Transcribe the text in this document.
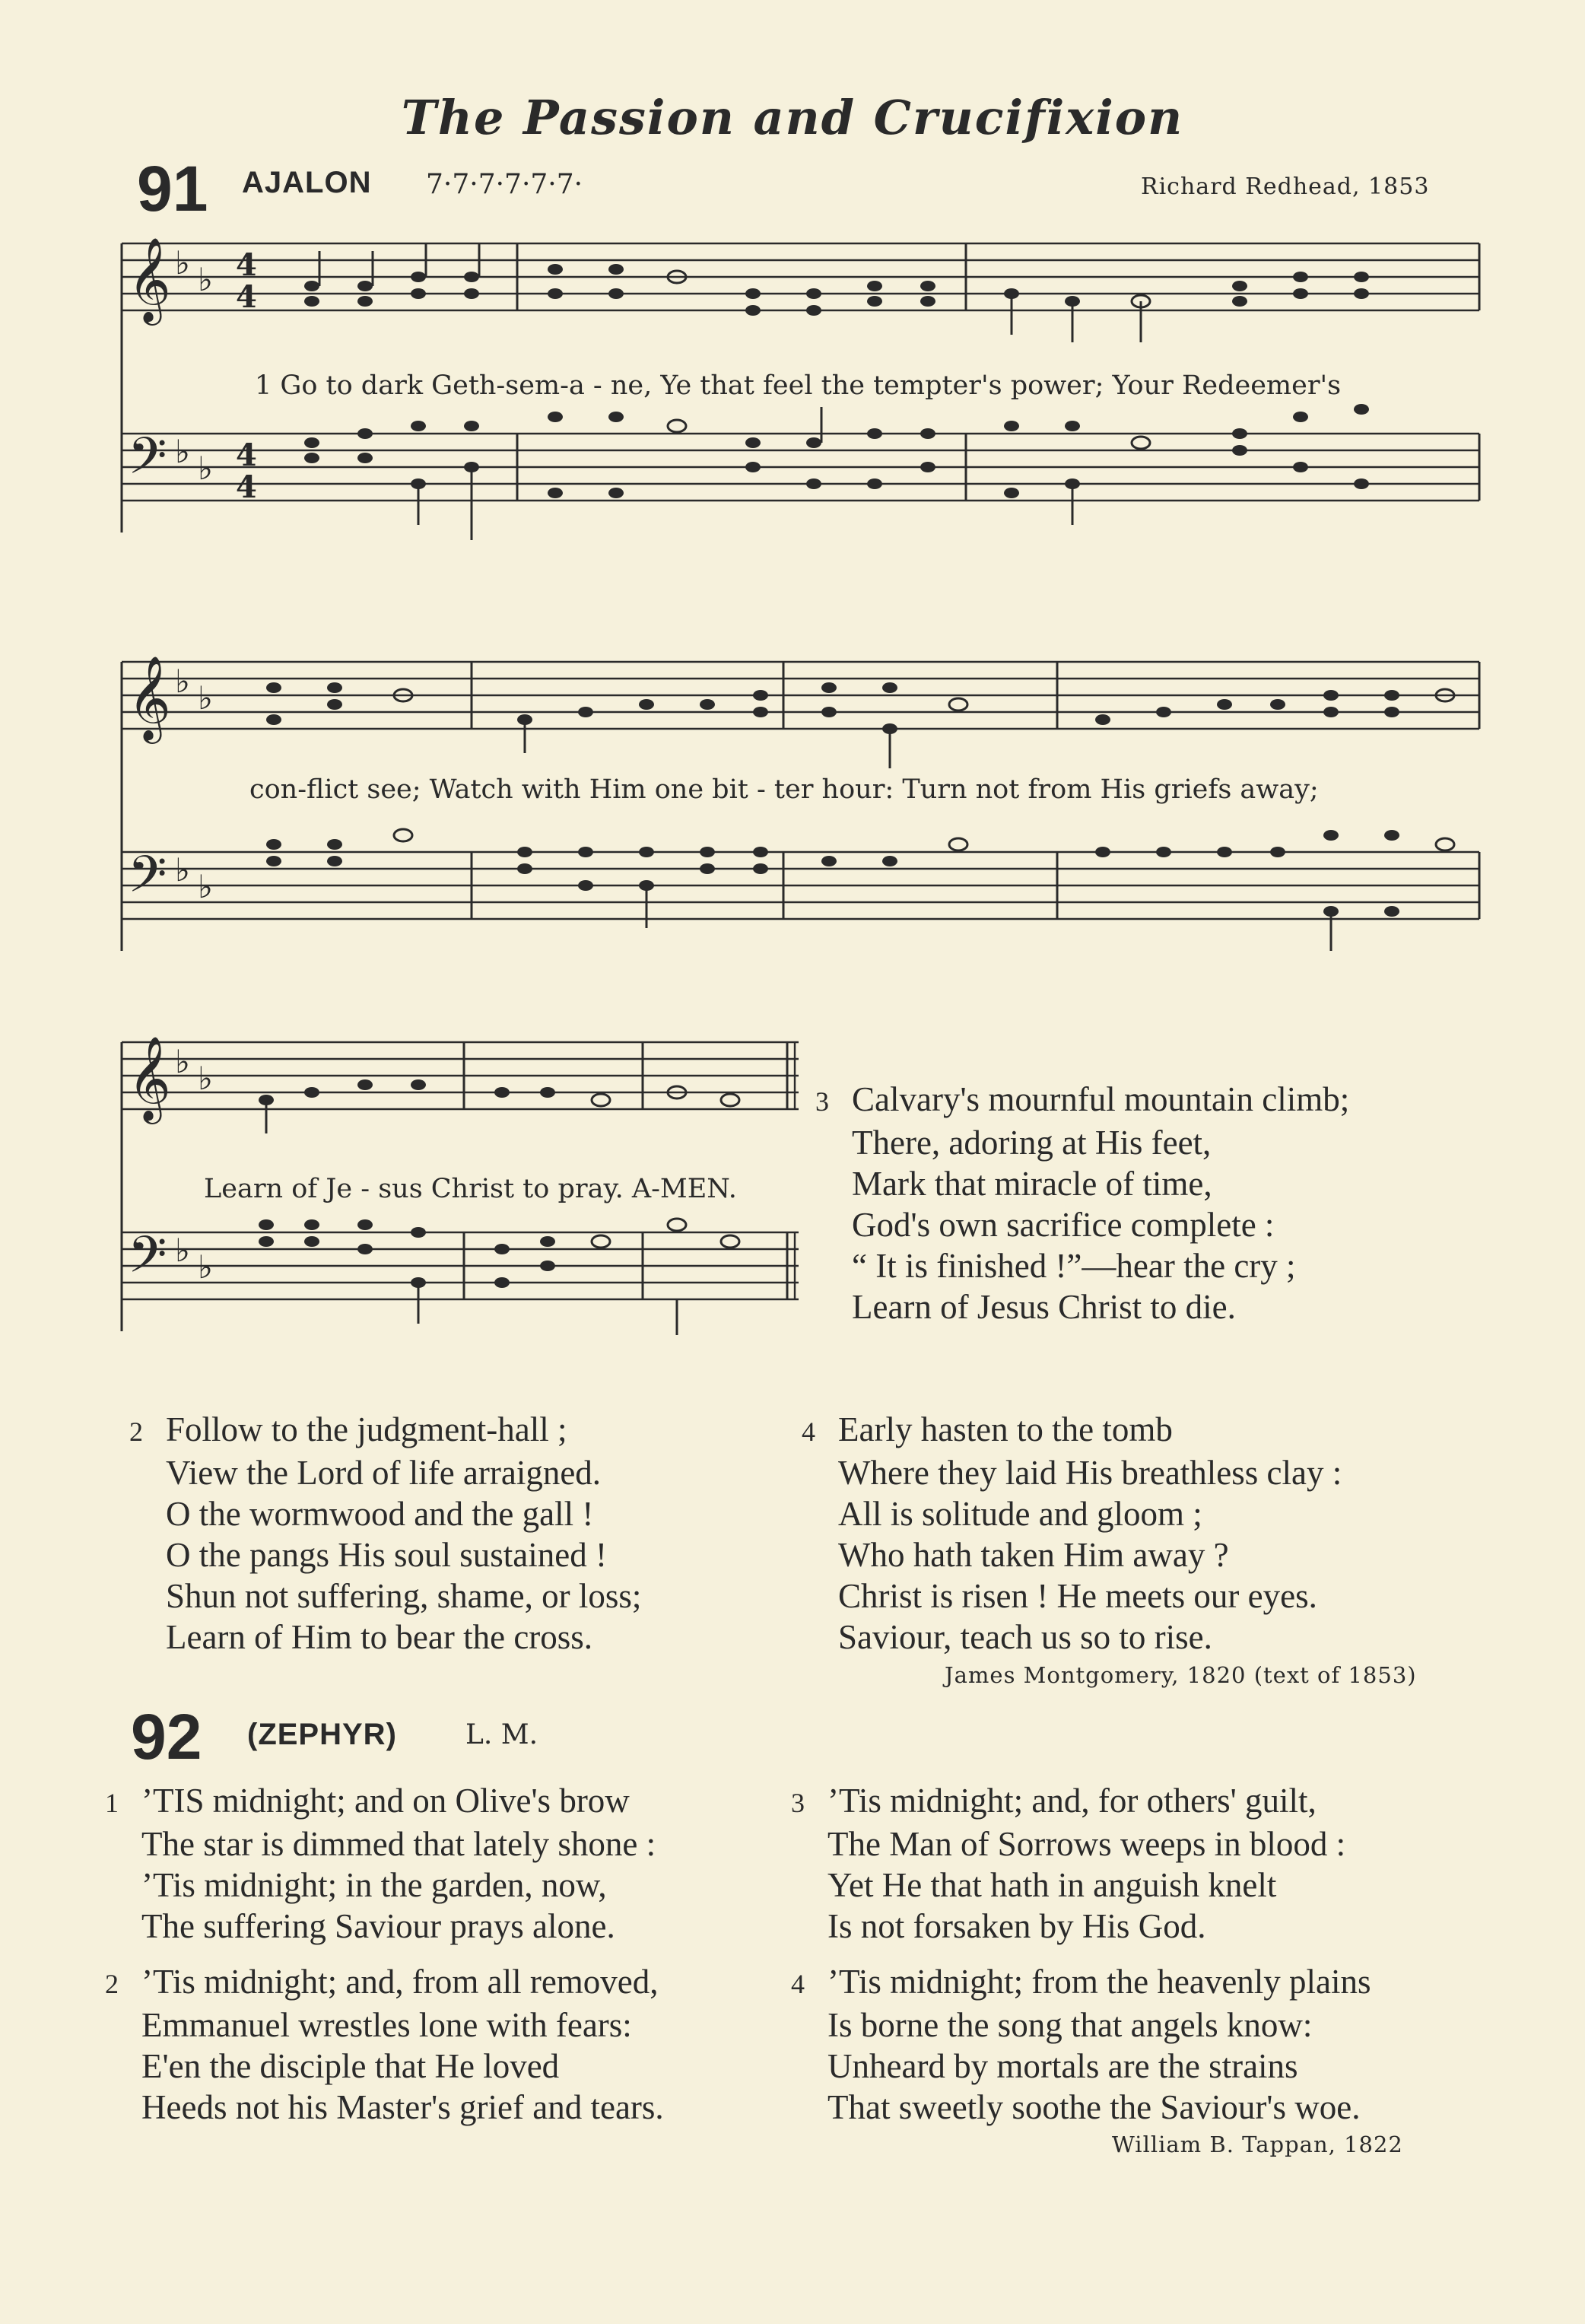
The Passion and Crucifixion
91 AJALON 7·7·7·7·7·7·	Richard Redhead, 1853
𝄞 ♭ ♭ 4
4
𝄢 ♭ ♭ 4
4
1 Go to dark Geth-sem-a - ne, Ye that feel the tempter's power; Your Redeemer's
𝄞 ♭ ♭
𝄢 ♭ ♭
con-flict see; Watch with Him one bit - ter hour: Turn not from His griefs away;
𝄞 ♭ ♭
𝄢 ♭ ♭
Learn of Je - sus Christ to pray. A-MEN.
3 Calvary's mournful mountain climb;
There, adoring at His feet,
Mark that miracle of time,
God's own sacrifice complete :
“ It is finished !”—hear the cry ;
Learn of Jesus Christ to die.
2 Follow to the judgment-hall ;
View the Lord of life arraigned.
O the wormwood and the gall !
O the pangs His soul sustained !
Shun not suffering, shame, or loss;
Learn of Him to bear the cross.
4 Early hasten to the tomb
Where they laid His breathless clay :
All is solitude and gloom ;
Who hath taken Him away ?
Christ is risen ! He meets our eyes.
Saviour, teach us so to rise.
James Montgomery, 1820 (text of 1853)
92 (ZEPHYR)	L. M.
1 ’TIS midnight; and on Olive's brow
The star is dimmed that lately shone :
’Tis midnight; in the garden, now,
The suffering Saviour prays alone.
2 ’Tis midnight; and, from all removed,
Emmanuel wrestles lone with fears:
E'en the disciple that He loved
Heeds not his Master's grief and tears.
3 ’Tis midnight; and, for others' guilt,
The Man of Sorrows weeps in blood :
Yet He that hath in anguish knelt
Is not forsaken by His God.
4 ’Tis midnight; from the heavenly plains
Is borne the song that angels know:
Unheard by mortals are the strains
That sweetly soothe the Saviour's woe.
William B. Tappan, 1822
